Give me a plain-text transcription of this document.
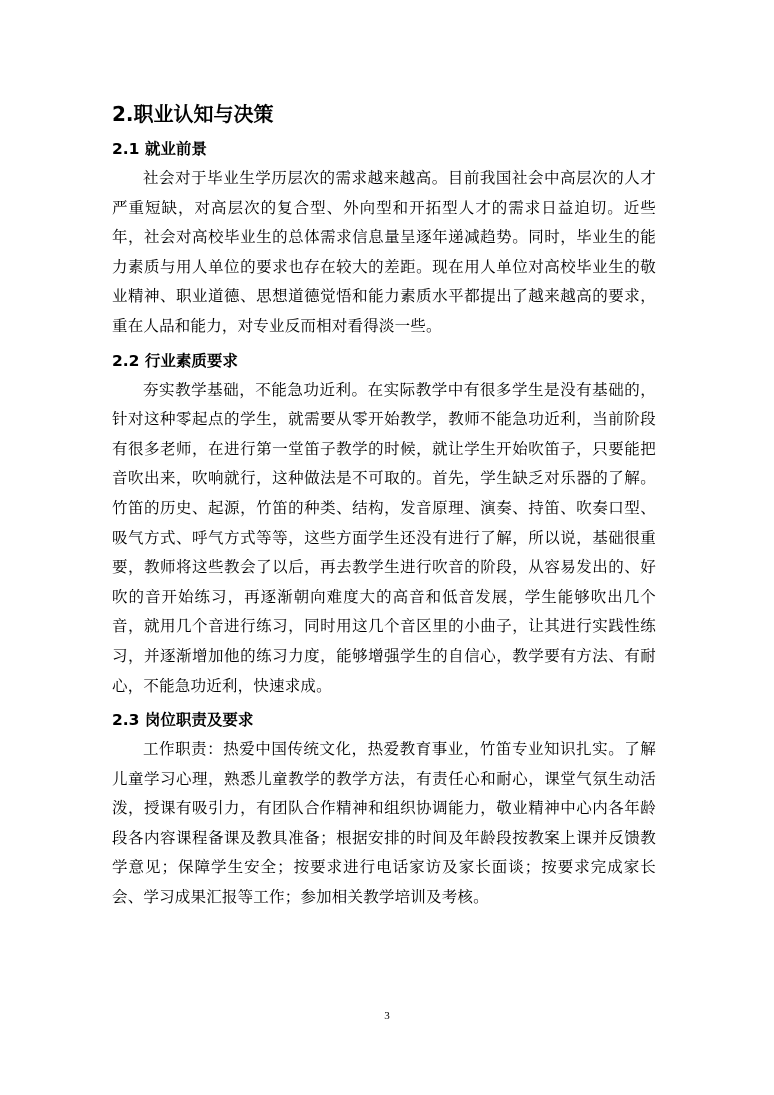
2.职业认知与决策
2.1 就业前景

社会对于毕业生学历层次的需求越来越高。目前我国社会中高层次的人才严重短缺，对高层次的复合型、外向型和开拓型人才的需求日益迫切。近些年，社会对高校毕业生的总体需求信息量呈逐年递减趋势。同时，毕业生的能力素质与用人单位的要求也存在较大的差距。现在用人单位对高校毕业生的敬业精神、职业道德、思想道德觉悟和能力素质水平都提出了越来越高的要求，重在人品和能力，对专业反而相对看得淡一些。

2.2 行业素质要求

夯实教学基础，不能急功近利。在实际教学中有很多学生是没有基础的，针对这种零起点的学生，就需要从零开始教学，教师不能急功近利，当前阶段有很多老师，在进行第一堂笛子教学的时候，就让学生开始吹笛子，只要能把音吹出来，吹响就行，这种做法是不可取的。首先，学生缺乏对乐器的了解。竹笛的历史、起源，竹笛的种类、结构，发音原理、演奏、持笛、吹奏口型、吸气方式、呼气方式等等，这些方面学生还没有进行了解，所以说，基础很重要，教师将这些教会了以后，再去教学生进行吹音的阶段，从容易发出的、好吹的音开始练习，再逐渐朝向难度大的高音和低音发展，学生能够吹出几个音，就用几个音进行练习，同时用这几个音区里的小曲子，让其进行实践性练习，并逐渐增加他的练习力度，能够增强学生的自信心，教学要有方法、有耐心，不能急功近利，快速求成。

2.3 岗位职责及要求

工作职责：热爱中国传统文化，热爱教育事业，竹笛专业知识扎实。了解儿童学习心理，熟悉儿童教学的教学方法，有责任心和耐心，课堂气氛生动活泼，授课有吸引力，有团队合作精神和组织协调能力，敬业精神中心内各年龄段各内容课程备课及教具准备；根据安排的时间及年龄段按教案上课并反馈教学意见；保障学生安全；按要求进行电话家访及家长面谈；按要求完成家长会、学习成果汇报等工作；参加相关教学培训及考核。

3
